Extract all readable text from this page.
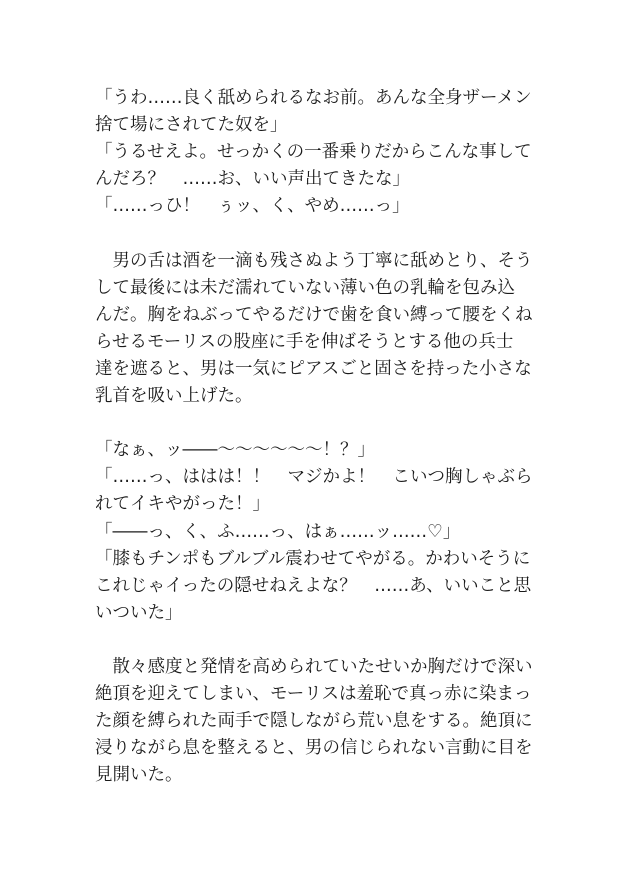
「うわ……良く舐められるなお前。あんな全身ザーメン
捨て場にされてた奴を」
「うるせえよ。せっかくの一番乗りだからこんな事して
んだろ？　……お、いい声出てきたな」
「……っひ！　ぅッ、く、やめ……っ」
　男の舌は酒を一滴も残さぬよう丁寧に舐めとり、そう
して最後には未だ濡れていない薄い色の乳輪を包み込
んだ。胸をねぶってやるだけで歯を食い縛って腰をくね
らせるモーリスの股座に手を伸ばそうとする他の兵士
達を遮ると、男は一気にピアスごと固さを持った小さな
乳首を吸い上げた。
「なぁ、ッ――〜〜〜〜〜〜！？」
「……っ、ははは！！　マジかよ！　こいつ胸しゃぶら
れてイキやがった！」
「――っ、く、ふ……っ、はぁ……ッ……♡」
「膝もチンポもブルブル震わせてやがる。かわいそうに
これじゃイったの隠せねえよな？　……あ、いいこと思
いついた」
　散々感度と発情を高められていたせいか胸だけで深い
絶頂を迎えてしまい、モーリスは羞恥で真っ赤に染まっ
た顔を縛られた両手で隠しながら荒い息をする。絶頂に
浸りながら息を整えると、男の信じられない言動に目を
見開いた。
